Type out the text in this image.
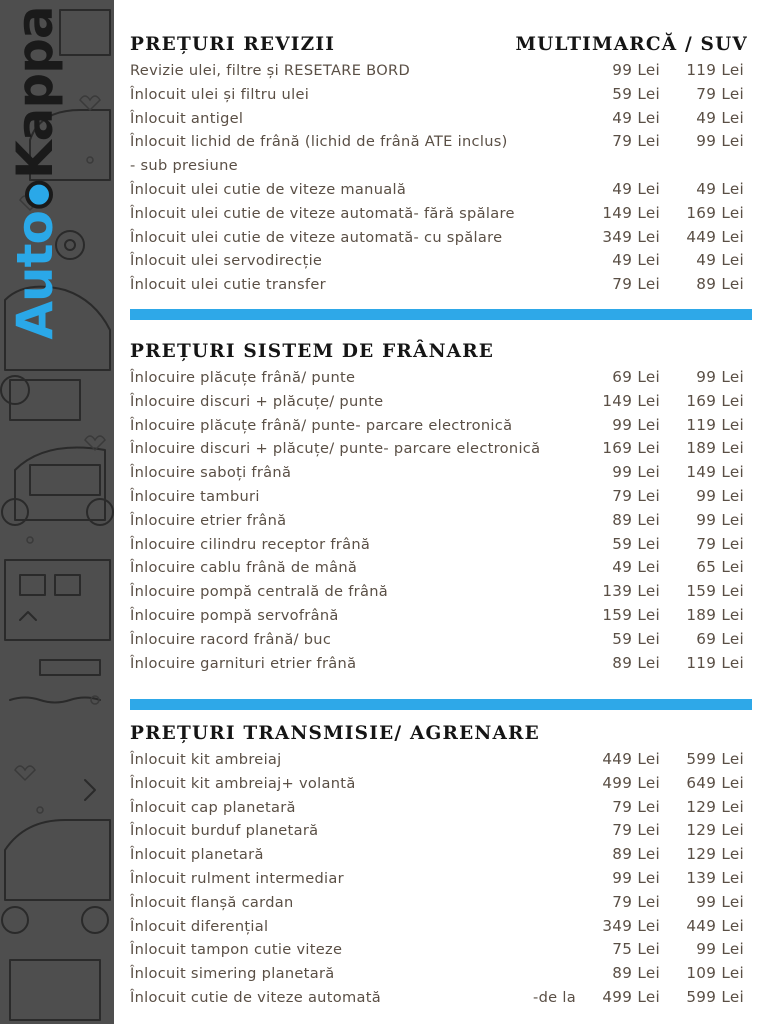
AutoKappa	PREȚURI REVIZII	MULTIMARCĂ / SUV
Revizie ulei, filtre și RESETARE BORD	99 Lei 119 Lei
Înlocuit ulei și filtru ulei	59 Lei 79 Lei
Înlocuit antigel	49 Lei 49 Lei
Înlocuit lichid de frână (lichid de frână ATE inclus)	79 Lei 99 Lei
- sub presiune
Înlocuit ulei cutie de viteze manuală	49 Lei 49 Lei
Înlocuit ulei cutie de viteze automată- fără spălare	149 Lei 169 Lei
Înlocuit ulei cutie de viteze automată- cu spălare	349 Lei 449 Lei
Înlocuit ulei servodirecție	49 Lei 49 Lei
Înlocuit ulei cutie transfer	79 Lei 89 Lei
PREȚURI SISTEM DE FRÂNARE
Înlocuire plăcuțe frână/ punte	69 Lei 99 Lei
Înlocuire discuri + plăcuțe/ punte	149 Lei 169 Lei
Înlocuire plăcuțe frână/ punte- parcare electronică	99 Lei 119 Lei
Înlocuire discuri + plăcuțe/ punte- parcare electronică	169 Lei 189 Lei
Înlocuire saboți frână	99 Lei 149 Lei
Înlocuire tamburi	79 Lei 99 Lei
Înlocuire etrier frână	89 Lei 99 Lei
Înlocuire cilindru receptor frână	59 Lei 79 Lei
Înlocuire cablu frână de mână	49 Lei 65 Lei
Înlocuire pompă centrală de frână	139 Lei 159 Lei
Înlocuire pompă servofrână	159 Lei 189 Lei
Înlocuire racord frână/ buc	59 Lei 69 Lei
Înlocuire garnituri etrier frână	89 Lei 119 Lei
PREȚURI TRANSMISIE/ AGRENARE
Înlocuit kit ambreiaj	449 Lei 599 Lei
Înlocuit kit ambreiaj+ volantă	499 Lei 649 Lei
Înlocuit cap planetară	79 Lei 129 Lei
Înlocuit burduf planetară	79 Lei 129 Lei
Înlocuit planetară	89 Lei 129 Lei
Înlocuit rulment intermediar	99 Lei 139 Lei
Înlocuit flanșă cardan	79 Lei 99 Lei
Înlocuit diferențial	349 Lei 449 Lei
Înlocuit tampon cutie viteze	75 Lei 99 Lei
Înlocuit simering planetară	89 Lei 109 Lei
Înlocuit cutie de viteze automată	-de la 499 Lei 599 Lei
